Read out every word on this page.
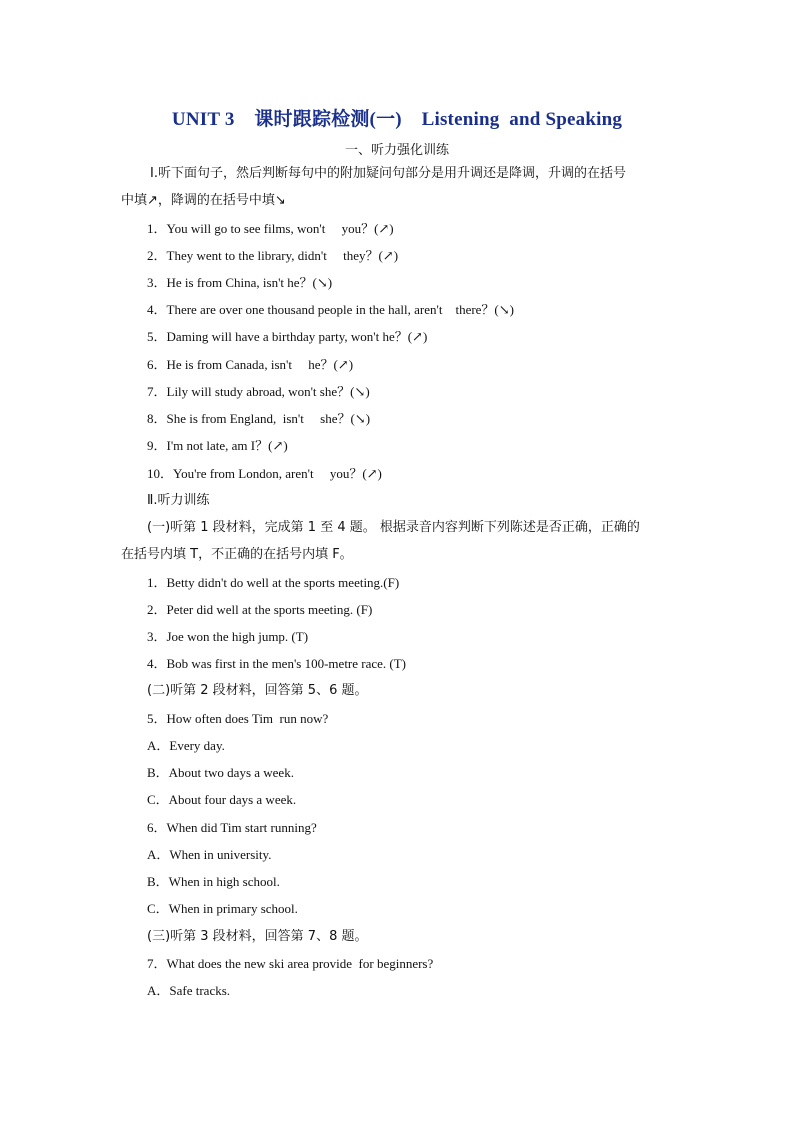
UNIT 3    课时跟踪检测(一)    Listening  and Speaking
一、听力强化训练
Ⅰ.听下面句子，然后判断每句中的附加疑问句部分是用升调还是降调，升调的在括号
中填↗，降调的在括号中填↘
1．You will go to see films, won't     you？(↗)
2．They went to the library, didn't     they？(↗)
3．He is from China, isn't he？(↘)
4．There are over one thousand people in the hall, aren't    there？(↘)
5．Daming will have a birthday party, won't he？(↗)
6．He is from Canada, isn't     he？(↗)
7．Lily will study abroad, won't she？(↘)
8．She is from England,  isn't     she？(↘)
9．I'm not late, am I？(↗)
10．You're from London, aren't     you？(↗)
Ⅱ.听力训练
(一)听第 1 段材料，完成第 1 至 4 题。 根据录音内容判断下列陈述是否正确，正确的
在括号内填 T，不正确的在括号内填 F。
1．Betty didn't do well at the sports meeting.(F)
2．Peter did well at the sports meeting. (F)
3．Joe won the high jump. (T)
4．Bob was first in the men's 100-metre race. (T)
(二)听第 2 段材料，回答第 5、6 题。
5．How often does Tim  run now?
A．Every day.
B．About two days a week.
C．About four days a week.
6．When did Tim start running?
A．When in university.
B．When in high school.
C．When in primary school.
(三)听第 3 段材料，回答第 7、8 题。
7．What does the new ski area provide  for beginners?
A．Safe tracks.
